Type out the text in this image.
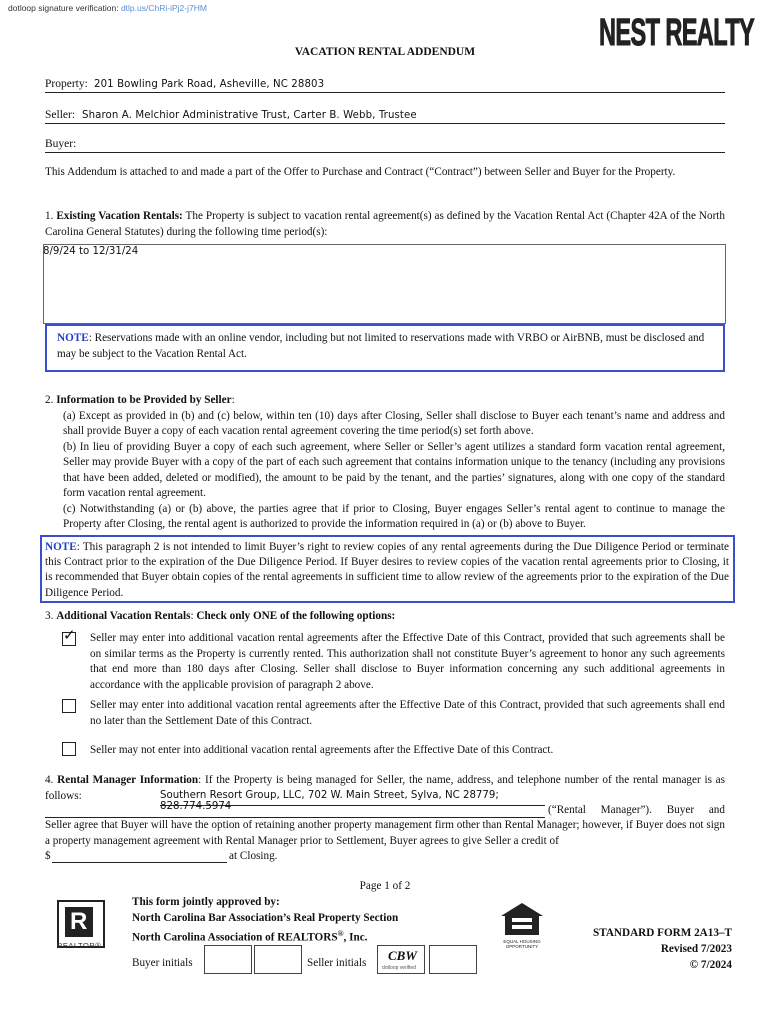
dotloop signature verification: dtlp.us/ChRi-iPj2-j7HM
NEST REALTY
VACATION RENTAL ADDENDUM
Property: 201 Bowling Park Road, Asheville, NC 28803
Seller: Sharon A. Melchior Administrative Trust, Carter B. Webb, Trustee
Buyer:
This Addendum is attached to and made a part of the Offer to Purchase and Contract (“Contract”) between Seller and Buyer for the Property.
1. Existing Vacation Rentals: The Property is subject to vacation rental agreement(s) as defined by the Vacation Rental Act (Chapter 42A of the North Carolina General Statutes) during the following time period(s):
8/9/24 to 12/31/24
NOTE: Reservations made with an online vendor, including but not limited to reservations made with VRBO or AirBNB, must be disclosed and may be subject to the Vacation Rental Act.
2. Information to be Provided by Seller:
(a) Except as provided in (b) and (c) below, within ten (10) days after Closing, Seller shall disclose to Buyer each tenant’s name and address and shall provide Buyer a copy of each vacation rental agreement covering the time period(s) set forth above.
(b) In lieu of providing Buyer a copy of each such agreement, where Seller or Seller’s agent utilizes a standard form vacation rental agreement, Seller may provide Buyer with a copy of the part of each such agreement that contains information unique to the tenancy (including any provisions that have been added, deleted or modified), the amount to be paid by the tenant, and the parties’ signatures, along with one copy of the standard form vacation rental agreement.
(c) Notwithstanding (a) or (b) above, the parties agree that if prior to Closing, Buyer engages Seller’s rental agent to continue to manage the Property after Closing, the rental agent is authorized to provide the information required in (a) or (b) above to Buyer.
NOTE: This paragraph 2 is not intended to limit Buyer’s right to review copies of any rental agreements during the Due Diligence Period or terminate this Contract prior to the expiration of the Due Diligence Period. If Buyer desires to review copies of the vacation rental agreements prior to Closing, it is recommended that Buyer obtain copies of the rental agreements in sufficient time to allow review of the agreements prior to the expiration of the Due Diligence Period.
3. Additional Vacation Rentals: Check only ONE of the following options:
✓ Seller may enter into additional vacation rental agreements after the Effective Date of this Contract, provided that such agreements shall be on similar terms as the Property is currently rented. This authorization shall not constitute Buyer’s agreement to honor any such agreements that end more than 180 days after Closing. Seller shall disclose to Buyer information concerning any such additional agreements in accordance with the applicable provision of paragraph 2 above.
Seller may enter into additional vacation rental agreements after the Effective Date of this Contract, provided that such agreements shall end no later than the Settlement Date of this Contract.
Seller may not enter into additional vacation rental agreements after the Effective Date of this Contract.
4. Rental Manager Information: If the Property is being managed for Seller, the name, address, and telephone number of the rental manager is as follows:	Southern Resort Group, LLC, 702 W. Main Street, Sylva, NC 28779; 828.774.5974	(“Rental Manager”). Buyer and
Seller agree that Buyer will have the option of retaining another property management firm other than Rental Manager; however, if Buyer does not sign a property management agreement with Rental Manager prior to Settlement, Buyer agrees to give Seller a credit of
$	at Closing.
Page 1 of 2
R
REALTOR®
This form jointly approved by:
North Carolina Bar Association’s Real Property Section
North Carolina Association of REALTORS®, Inc.
Buyer initials	Seller initials CBW
dotloop verified
EQUAL HOUSING OPPORTUNITY
STANDARD FORM 2A13–T
Revised 7/2023
© 7/2024
